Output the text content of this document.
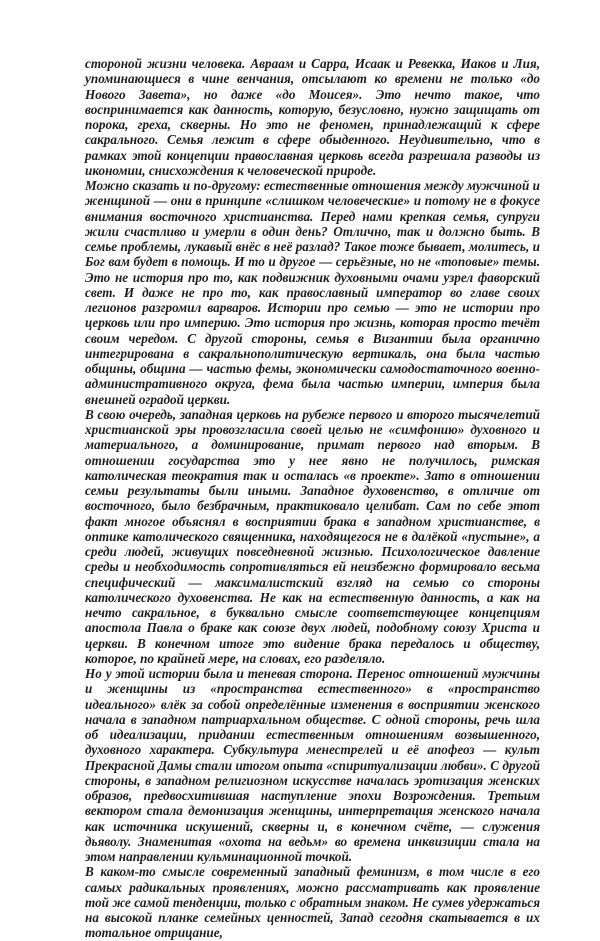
стороной жизни человека. Авраам и Сарра, Исаак и Ревекка, Иаков и Лия, упоминающиеся в чине венчания, отсылают ко времени не только «до Нового Завета», но даже «до Моисея». Это нечто такое, что воспринимается как данность, которую, безусловно, нужно защищать от порока, греха, скверны. Но это не феномен, принадлежащий к сфере сакрального. Семья лежит в сфере обыденного. Неудивительно, что в рамках этой концепции православная церковь всегда разрешала разводы из икономии, снисхождения к человеческой природе.

Можно сказать и по-другому: естественные отношения между мужчиной и женщиной — они в принципе «слишком человеческие» и потому не в фокусе внимания восточного христианства. Перед нами крепкая семья, супруги жили счастливо и умерли в один день? Отлично, так и должно быть. В семье проблемы, лукавый внёс в неё разлад? Такое тоже бывает, молитесь, и Бог вам будет в помощь. И то и другое — серьёзные, но не «топовые» темы. Это не история про то, как подвижник духовными очами узрел фаворский свет. И даже не про то, как православный император во главе своих легионов разгромил варваров. Истории про семью — это не истории про церковь или про империю. Это история про жизнь, которая просто течёт своим чередом. С другой стороны, семья в Византии была органично интегрирована в сакральнополитическую вертикаль, она была частью общины, община — частью фемы, экономически самодостаточного военно-административного округа, фема была частью империи, империя была внешней оградой церкви.

В свою очередь, западная церковь на рубеже первого и второго тысячелетий христианской эры провозгласила своей целью не «симфонию» духовного и материального, а доминирование, примат первого над вторым. В отношении государства это у нее явно не получилось, римская католическая теократия так и осталась «в проекте». Зато в отношении семьи результаты были иными. Западное духовенство, в отличие от восточного, было безбрачным, практиковало целибат. Сам по себе этот факт многое объяснял в восприятии брака в западном христианстве, в оптике католического священника, находящегося не в далёкой «пустыне», а среди людей, живущих повседневной жизнью. Психологическое давление среды и необходимость сопротивляться ей неизбежно формировало весьма специфический — максималистский взгляд на семью со стороны католического духовенства. Не как на естественную данность, а как на нечто сакральное, в буквально смысле соответствующее концепциям апостола Павла о браке как союзе двух людей, подобному союзу Христа и церкви. В конечном итоге это видение брака передалось и обществу, которое, по крайней мере, на словах, его разделяло.

Но у этой истории была и теневая сторона. Перенос отношений мужчины и женщины из «пространства естественного» в «пространство идеального» влёк за собой определённые изменения в восприятии женского начала в западном патриархальном обществе. С одной стороны, речь шла об идеализации, придании естественным отношениям возвышенного, духовного характера. Субкультура менестрелей и её апофеоз — культ Прекрасной Дамы стали итогом опыта «спиритуализации любви». С другой стороны, в западном религиозном искусстве началась эротизация женских образов, предвосхитившая наступление эпохи Возрождения. Третьим вектором стала демонизация женщины, интерпретация женского начала как источника искушений, скверны и, в конечном счёте, — служения дьяволу. Знаменитая «охота на ведьм» во времена инквизиции стала на этом направлении кульминационной точкой.

В каком-то смысле современный западный феминизм, в том числе в его самых радикальных проявлениях, можно рассматривать как проявление той же самой тенденции, только с обратным знаком. Не сумев удержаться на высокой планке семейных ценностей, Запад сегодня скатывается в их тотальное отрицание,
